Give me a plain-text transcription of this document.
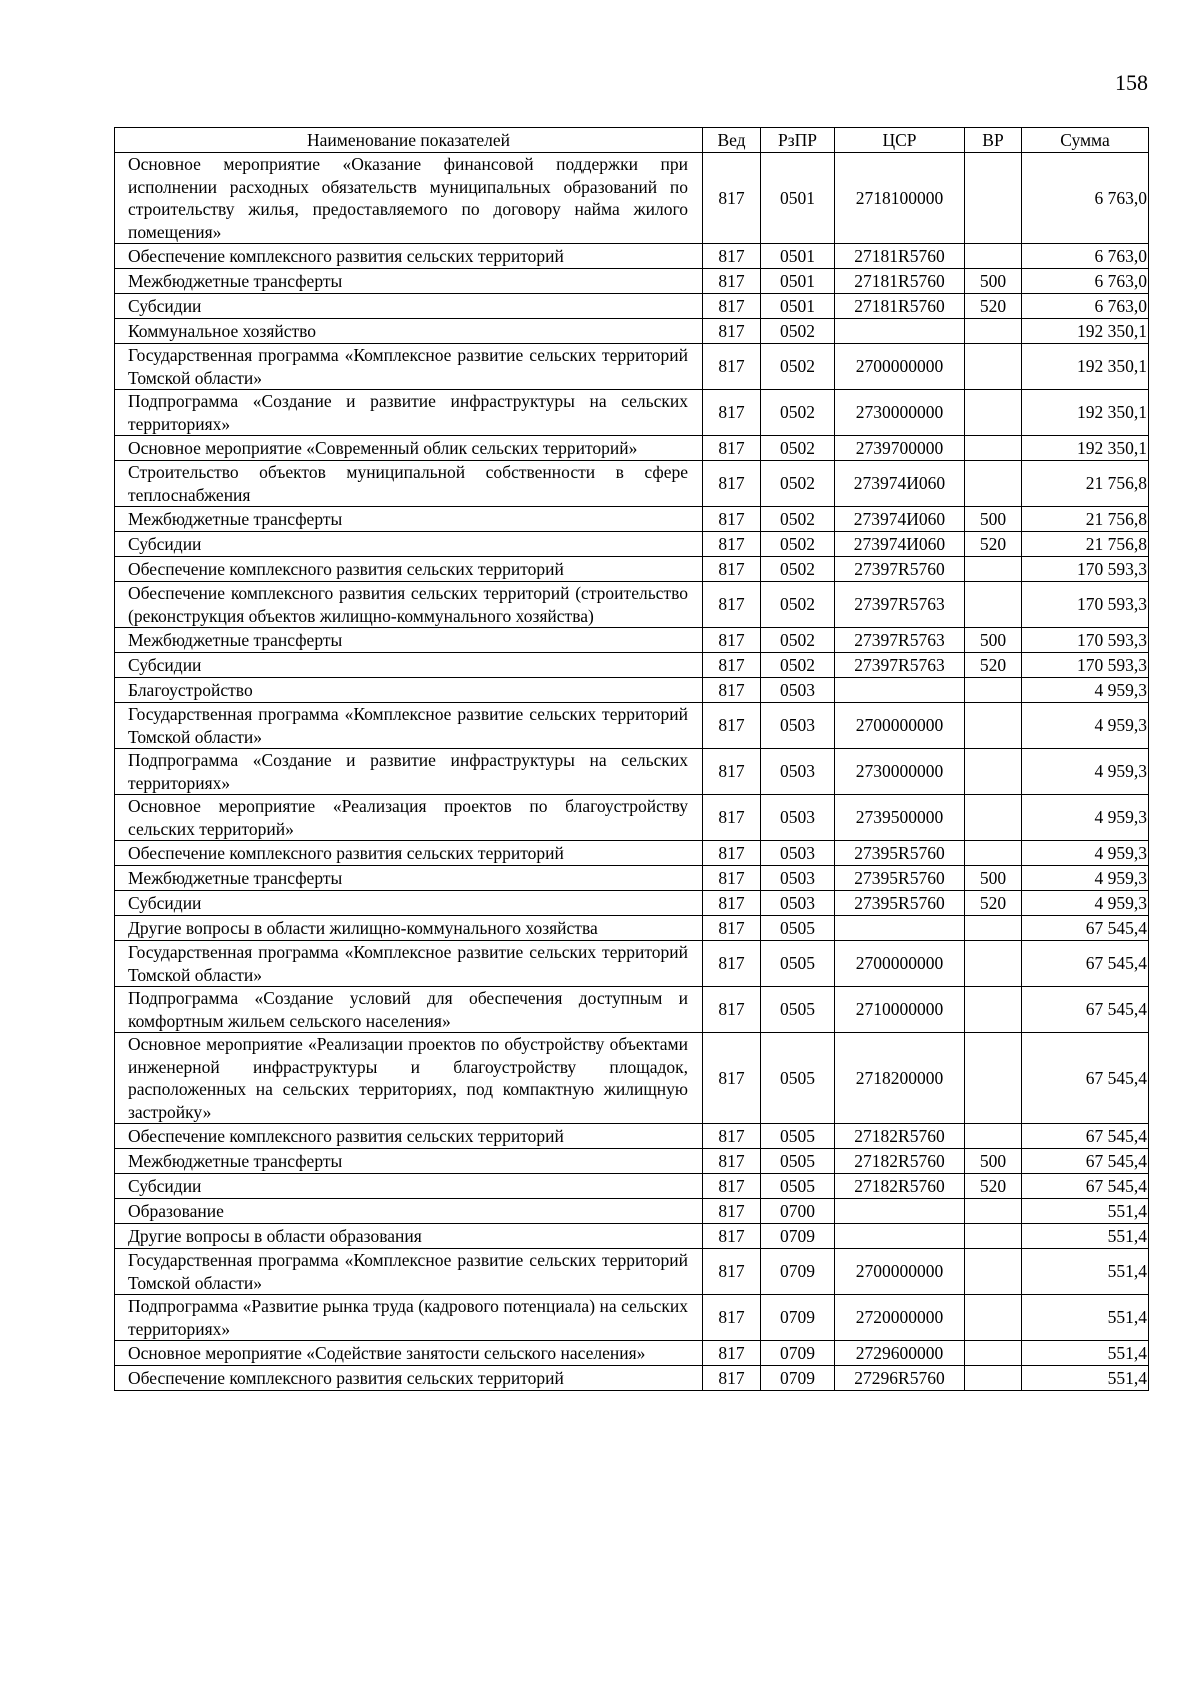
158
Наименование показателей	Вед	РзПР	ЦСР	ВР	Сумма
Основное мероприятие «Оказание финансовой поддержки при исполнении расходных обязательств муниципальных образований по строительству жилья, предоставляемого по договору найма жилого помещения»	817	0501	2718100000		6 763,0
Обеспечение комплексного развития сельских территорий	817	0501	27181R5760		6 763,0
Межбюджетные трансферты	817	0501	27181R5760	500	6 763,0
Субсидии	817	0501	27181R5760	520	6 763,0
Коммунальное хозяйство	817	0502			192 350,1
Государственная программа «Комплексное развитие сельских территорий Томской области»	817	0502	2700000000		192 350,1
Подпрограмма «Создание и развитие инфраструктуры на сельских территориях»	817	0502	2730000000		192 350,1
Основное мероприятие «Современный облик сельских территорий»	817	0502	2739700000		192 350,1
Строительство объектов муниципальной собственности в сфере теплоснабжения	817	0502	273974И060		21 756,8
Межбюджетные трансферты	817	0502	273974И060	500	21 756,8
Субсидии	817	0502	273974И060	520	21 756,8
Обеспечение комплексного развития сельских территорий	817	0502	27397R5760		170 593,3
Обеспечение комплексного развития сельских территорий (строительство (реконструкция объектов жилищно-коммунального хозяйства)	817	0502	27397R5763		170 593,3
Межбюджетные трансферты	817	0502	27397R5763	500	170 593,3
Субсидии	817	0502	27397R5763	520	170 593,3
Благоустройство	817	0503			4 959,3
Государственная программа «Комплексное развитие сельских территорий Томской области»	817	0503	2700000000		4 959,3
Подпрограмма «Создание и развитие инфраструктуры на сельских территориях»	817	0503	2730000000		4 959,3
Основное мероприятие «Реализация проектов по благоустройству сельских территорий»	817	0503	2739500000		4 959,3
Обеспечение комплексного развития сельских территорий	817	0503	27395R5760		4 959,3
Межбюджетные трансферты	817	0503	27395R5760	500	4 959,3
Субсидии	817	0503	27395R5760	520	4 959,3
Другие вопросы в области жилищно-коммунального хозяйства	817	0505			67 545,4
Государственная программа «Комплексное развитие сельских территорий Томской области»	817	0505	2700000000		67 545,4
Подпрограмма «Создание условий для обеспечения доступным и комфортным жильем сельского населения»	817	0505	2710000000		67 545,4
Основное мероприятие «Реализации проектов по обустройству объектами инженерной инфраструктуры и благоустройству площадок, расположенных на сельских территориях, под компактную жилищную застройку»	817	0505	2718200000		67 545,4
Обеспечение комплексного развития сельских территорий	817	0505	27182R5760		67 545,4
Межбюджетные трансферты	817	0505	27182R5760	500	67 545,4
Субсидии	817	0505	27182R5760	520	67 545,4
Образование	817	0700			551,4
Другие вопросы в области образования	817	0709			551,4
Государственная программа «Комплексное развитие сельских территорий Томской области»	817	0709	2700000000		551,4
Подпрограмма «Развитие рынка труда (кадрового потенциала) на сельских территориях»	817	0709	2720000000		551,4
Основное мероприятие «Содействие занятости сельского населения»	817	0709	2729600000		551,4
Обеспечение комплексного развития сельских территорий	817	0709	27296R5760		551,4
